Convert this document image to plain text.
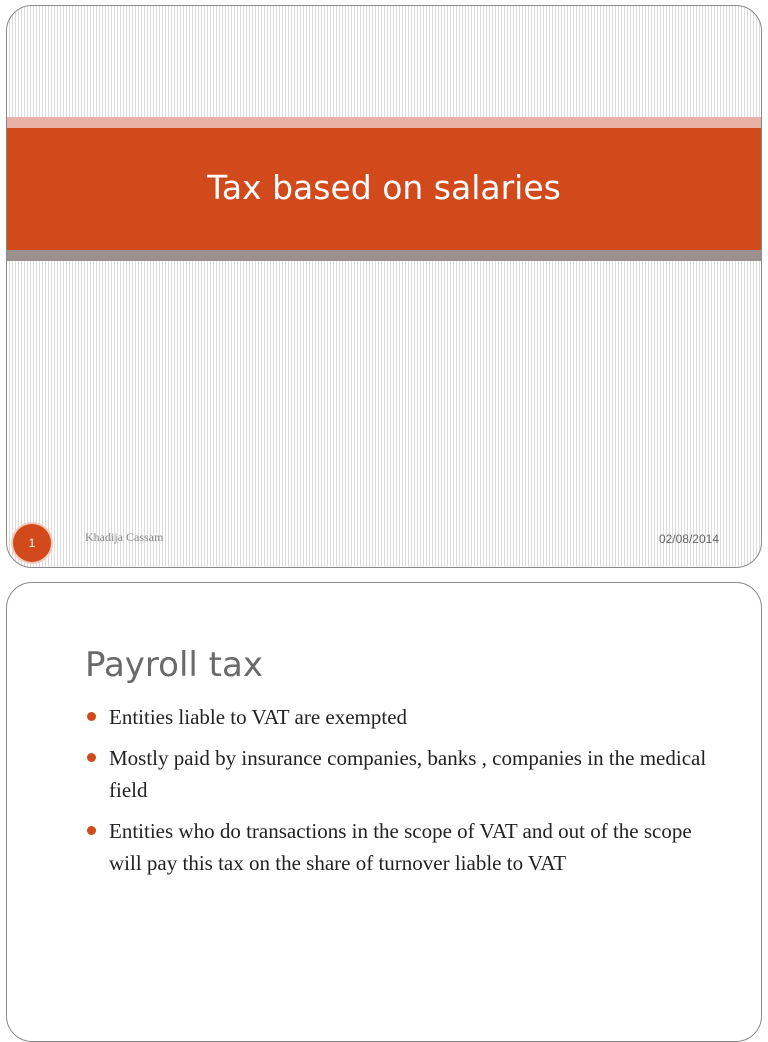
Tax based on salaries
1	Khadija Cassam	02/08/2014
Payroll tax
Entities liable to VAT are exempted
Mostly paid by insurance companies, banks , companies in the medical field
Entities who do transactions in the scope of VAT and out of the scope will pay this tax on the share of turnover liable to VAT
